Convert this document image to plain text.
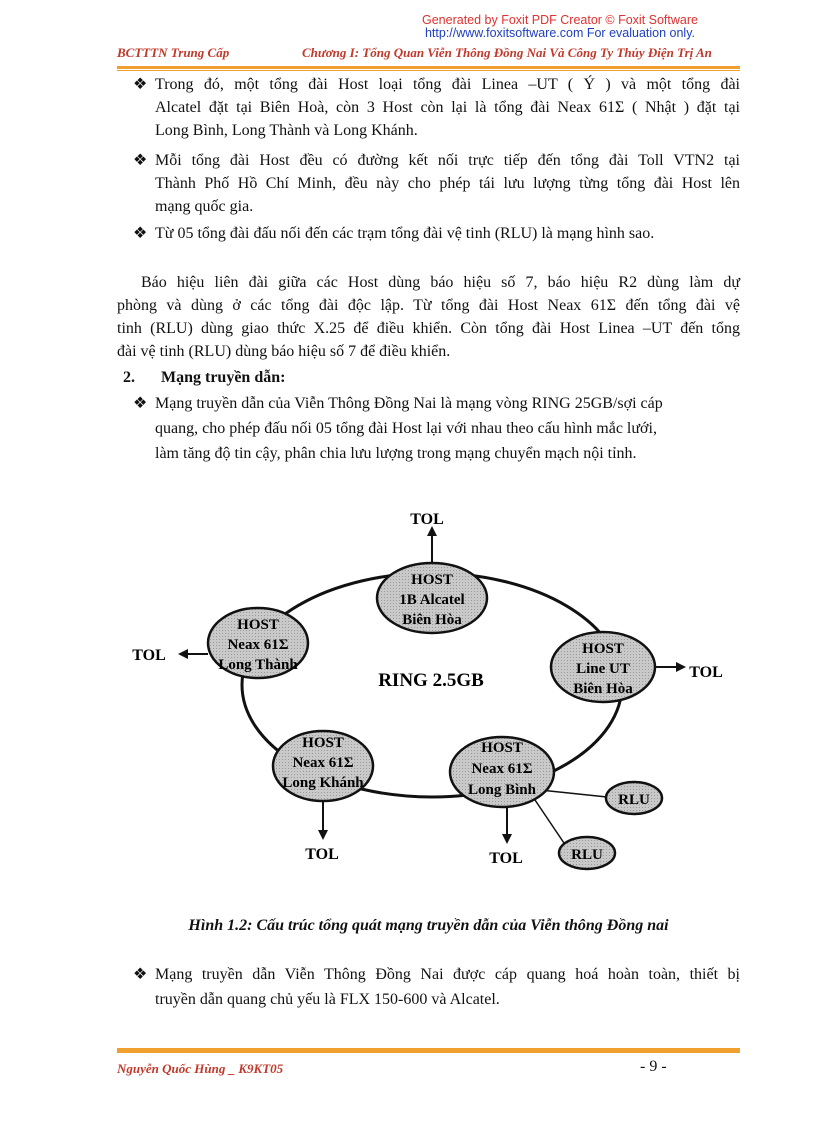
Generated by Foxit PDF Creator © Foxit Software
http://www.foxitsoftware.com For evaluation only.
BCTTTN Trung Cấp	Chương I: Tổng Quan Viễn Thông Đồng Nai Và Công Ty Thủy Điện Trị An
❖ Trong đó, một tổng đài Host loại tổng đài Linea –UT ( Ý ) và một tổng đài
Alcatel đặt tại Biên Hoà, còn 3 Host còn lại là tổng đài Neax 61Σ ( Nhật ) đặt tại
Long Bình, Long Thành và Long Khánh.
❖ Mỗi tổng đài Host đều có đường kết nối trực tiếp đến tổng đài Toll VTN2 tại
Thành Phố Hồ Chí Minh, đều này cho phép tái lưu lượng từng tổng đài Host lên
mạng quốc gia.
❖ Từ 05 tổng đài đấu nối đến các trạm tổng đài vệ tinh (RLU) là mạng hình sao.
Báo hiệu liên đài giữa các Host dùng báo hiệu số 7, báo hiệu R2 dùng làm dự
phòng và dùng ở các tổng đài độc lập. Từ tổng đài Host Neax 61Σ đến tổng đài vệ
tinh (RLU) dùng giao thức X.25 để điều khiển. Còn tổng đài Host Linea –UT đến tổng
đài vệ tinh (RLU) dùng báo hiệu số 7 để điều khiển.
2. Mạng truyền dẫn:
❖ Mạng truyền dẫn của Viễn Thông Đồng Nai là mạng vòng RING 25GB/sợi cáp
quang, cho phép đấu nối 05 tổng đài Host lại với nhau theo cấu hình mắc lưới,
làm tăng độ tin cậy, phân chia lưu lượng trong mạng chuyển mạch nội tỉnh.
HOST
1B Alcatel
Biên Hòa
HOST
Neax 61Σ
Long Thành
HOST
Line UT
Biên Hòa
HOST
Neax 61Σ
Long Khánh
HOST
Neax 61Σ
Long Bình
RLU
RLU
RING 2.5GB
TOL
TOL
TOL
TOL	TOL
Hình 1.2: Cấu trúc tổng quát mạng truyền dẫn của Viễn thông Đồng nai
❖ Mạng truyền dẫn Viễn Thông Đồng Nai được cáp quang hoá hoàn toàn, thiết bị
truyền dẫn quang chủ yếu là FLX 150-600 và Alcatel.
Nguyễn Quốc Hùng _ K9KT05	- 9 -
